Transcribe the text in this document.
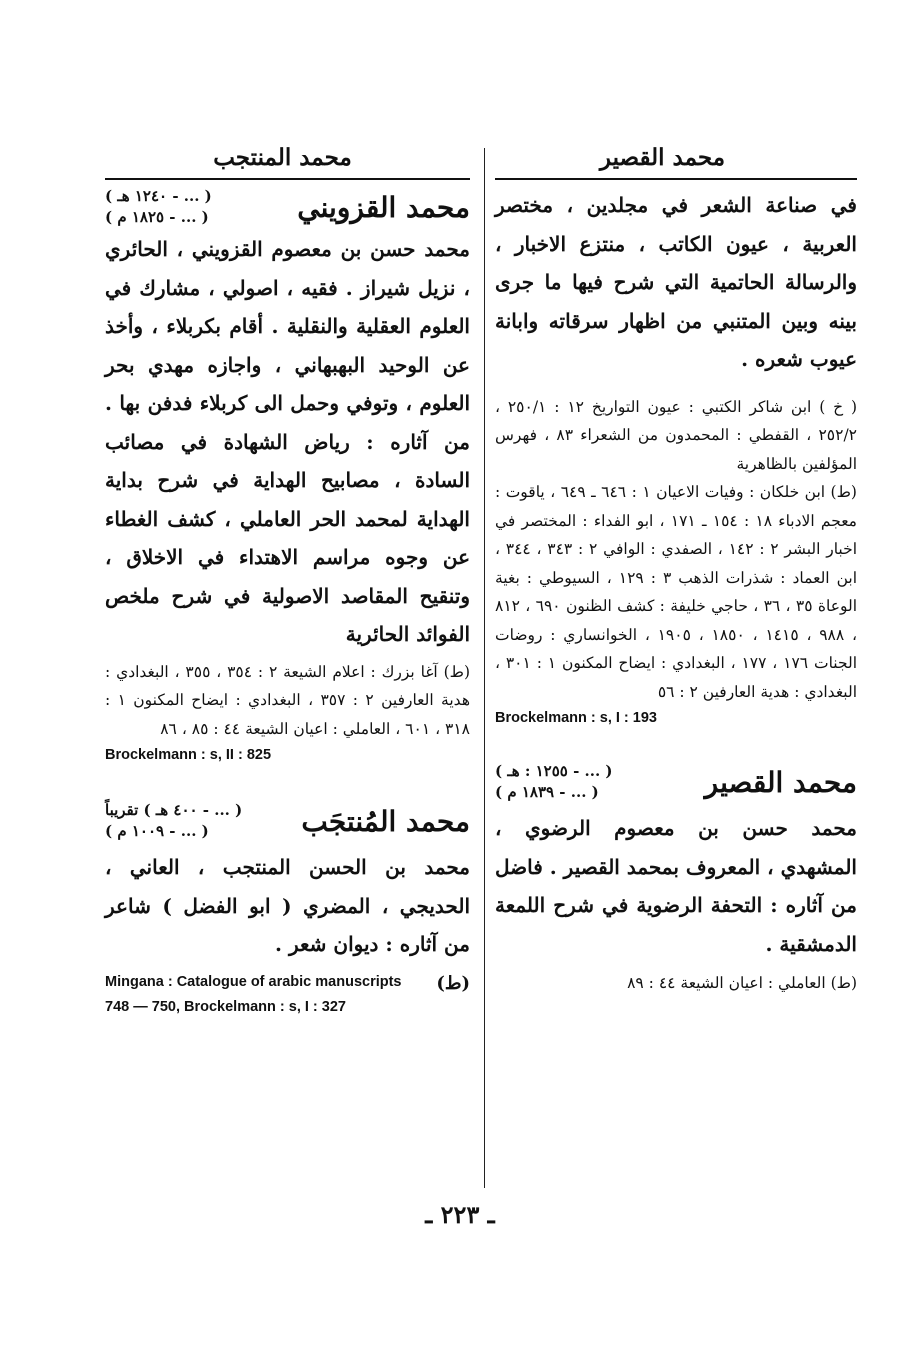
محمد القصير
محمد المنتجب

في صناعة الشعر في مجلدين ، مختصر العربية ، عيون الكاتب ، منتزع الاخبار ، والرسالة الحاتمية التي شرح فيها ما جرى بينه وبين المتنبي من اظهار سرقاته وابانة عيوب شعره .

( خ ) ابن شاكر الكتبي : عيون التواريخ ١٢ : ٢٥٠/١ ، ٢٥٢/٢ ، القفطي : المحمدون من الشعراء ٨٣ ، فهرس المؤلفين بالظاهرية

(ط) ابن خلكان : وفيات الاعيان ١ : ٦٤٦ ـ ٦٤٩ ، ياقوت : معجم الادباء ١٨ : ١٥٤ ـ ١٧١ ، ابو الفداء : المختصر في اخبار البشر ٢ : ١٤٢ ، الصفدي : الوافي ٢ : ٣٤٣ ، ٣٤٤ ، ابن العماد : شذرات الذهب ٣ : ١٢٩ ، السيوطي : بغية الوعاة ٣٥ ، ٣٦ ، حاجي خليفة : كشف الظنون ٦٩٠ ، ٨١٢ ، ٩٨٨ ، ١٤١٥ ، ١٨٥٠ ، ١٩٠٥ ، الخوانساري : روضات الجنات ١٧٦ ، ١٧٧ ، البغدادي : ايضاح المكنون ١ : ٣٠١ ، البغدادي : هدية العارفين ٢ : ٥٦

Brockelmann : s, I : 193

محمد القصير
( ... - ١٢٥٥ : هـ )
( ... - ١٨٣٩ م )

محمد حسن بن معصوم الرضوي ، المشهدي ، المعروف بمحمد القصير . فاضل من آثاره : التحفة الرضوية في شرح اللمعة الدمشقية .

(ط) العاملي : اعيان الشيعة ٤٤ : ٨٩

محمد القزويني
( ... - ١٢٤٠ هـ )
( ... - ١٨٢٥ م )

محمد حسن بن معصوم القزويني ، الحائري ، نزيل شيراز . فقيه ، اصولي ، مشارك في العلوم العقلية والنقلية . أقام بكربلاء ، وأخذ عن الوحيد البهبهاني ، واجازه مهدي بحر العلوم ، وتوفي وحمل الى كربلاء فدفن بها . من آثاره : رياض الشهادة في مصائب السادة ، مصابيح الهداية في شرح بداية الهداية لمحمد الحر العاملي ، كشف الغطاء عن وجوه مراسم الاهتداء في الاخلاق ، وتنقيح المقاصد الاصولية في شرح ملخص الفوائد الحائرية

(ط) آغا بزرك : اعلام الشيعة ٢ : ٣٥٤ ، ٣٥٥ ، البغدادي : هدية العارفين ٢ : ٣٥٧ ، البغدادي : ايضاح المكنون ١ : ٣١٨ ، ٦٠١ ، العاملي : اعيان الشيعة ٤٤ : ٨٥ ، ٨٦

Brockelmann : s, II : 825

محمد المُنتجَب
( ... - ٤٠٠ هـ ) تقريباً
( ... - ١٠٠٩ م )

محمد بن الحسن المنتجب ، العاني ، الحديجي ، المضري ( ابو الفضل ) شاعر من آثاره : ديوان شعر .

(ط)

Mingana : Catalogue of arabic manuscripts 748 — 750, Brockelmann : s, I : 327

ـ ٢٢٣ ـ
